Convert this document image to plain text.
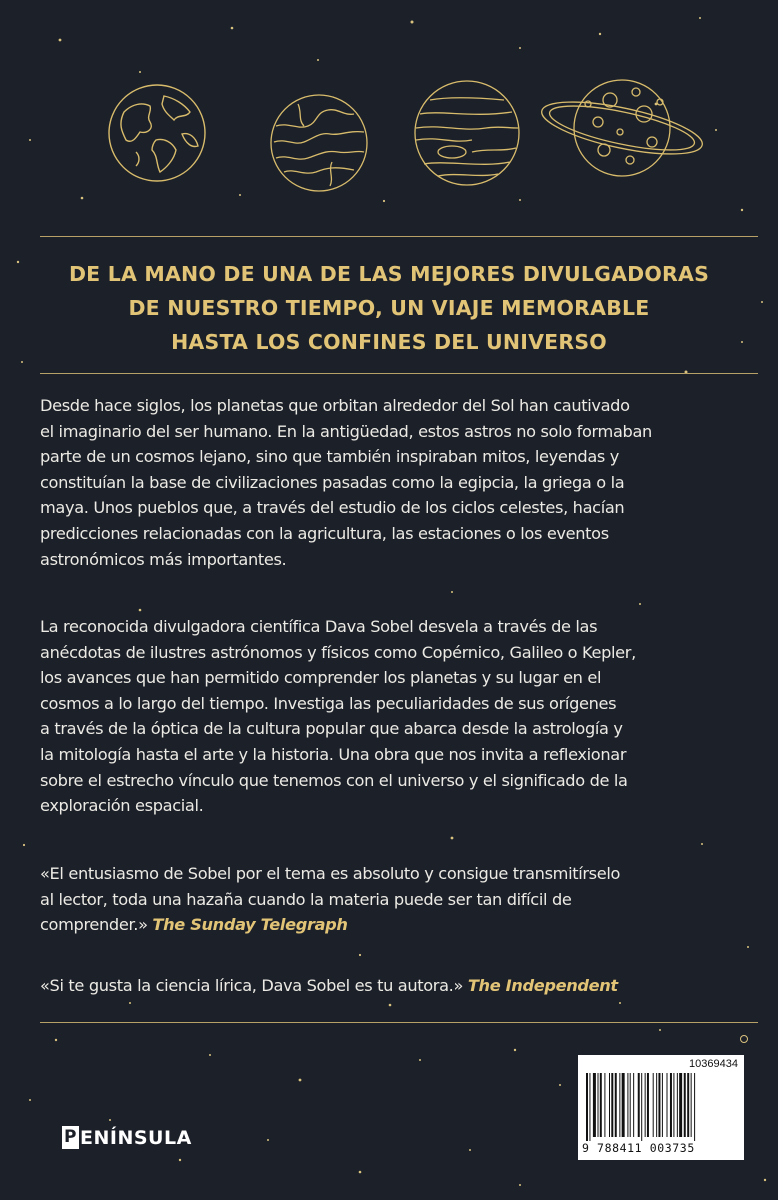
DE LA MANO DE UNA DE LAS MEJORES DIVULGADORAS
DE NUESTRO TIEMPO, UN VIAJE MEMORABLE
HASTA LOS CONFINES DEL UNIVERSO
Desde hace siglos, los planetas que orbitan alrededor del Sol han cautivado
el imaginario del ser humano. En la antigüedad, estos astros no solo formaban
parte de un cosmos lejano, sino que también inspiraban mitos, leyendas y
constituían la base de civilizaciones pasadas como la egipcia, la griega o la
maya. Unos pueblos que, a través del estudio de los ciclos celestes, hacían
predicciones relacionadas con la agricultura, las estaciones o los eventos
astronómicos más importantes.
La reconocida divulgadora científica Dava Sobel desvela a través de las
anécdotas de ilustres astrónomos y físicos como Copérnico, Galileo o Kepler,
los avances que han permitido comprender los planetas y su lugar en el
cosmos a lo largo del tiempo. Investiga las peculiaridades de sus orígenes
a través de la óptica de la cultura popular que abarca desde la astrología y
la mitología hasta el arte y la historia. Una obra que nos invita a reflexionar
sobre el estrecho vínculo que tenemos con el universo y el significado de la
exploración espacial.
«El entusiasmo de Sobel por el tema es absoluto y consigue transmitírselo
al lector, toda una hazaña cuando la materia puede ser tan difícil de
comprender.» The Sunday Telegraph
«Si te gusta la ciencia lírica, Dava Sobel es tu autora.» The Independent
P ENÍNSULA
10369434
9 788411 003735
